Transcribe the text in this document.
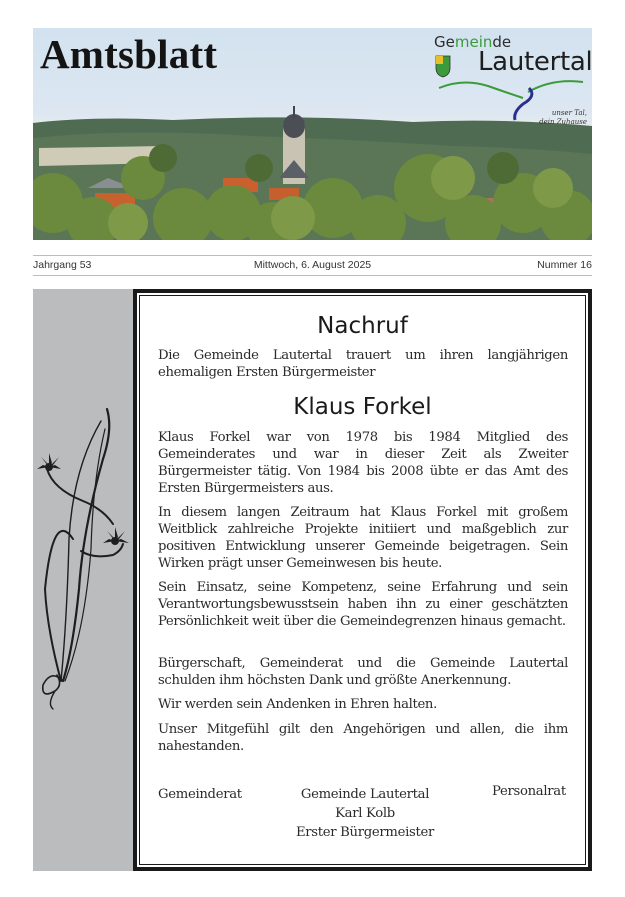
Amtsblatt	Gemeinde
Lautertal
unser Tal,
dein Zuhause
Jahrgang 53	Mittwoch, 6. August 2025	Nummer 16
Nachruf

Die Gemeinde Lautertal trauert um ihren langjährigen ehemaligen Ersten Bürgermeister

Klaus Forkel

Klaus Forkel war von 1978 bis 1984 Mitglied des Gemeinderates und war in dieser Zeit als Zweiter Bürgermeister tätig. Von 1984 bis 2008 übte er das Amt des Ersten Bürgermeisters aus.

In diesem langen Zeitraum hat Klaus Forkel mit großem Weitblick zahlreiche Projekte initiiert und maßgeblich zur positiven Entwicklung unserer Gemeinde beigetragen. Sein Wirken prägt unser Gemeinwesen bis heute.

Sein Einsatz, seine Kompetenz, seine Erfahrung und sein Verantwortungsbewusstsein haben ihn zu einer geschätzten Persönlichkeit weit über die Gemeindegrenzen hinaus gemacht.

Bürgerschaft, Gemeinderat und die Gemeinde Lautertal schulden ihm höchsten Dank und größte Anerkennung.

Wir werden sein Andenken in Ehren halten.

Unser Mitgefühl gilt den Angehörigen und allen, die ihm nahestanden.

Gemeinderat	Gemeinde Lautertal
Karl Kolb
Erster Bürgermeister
Personalrat
